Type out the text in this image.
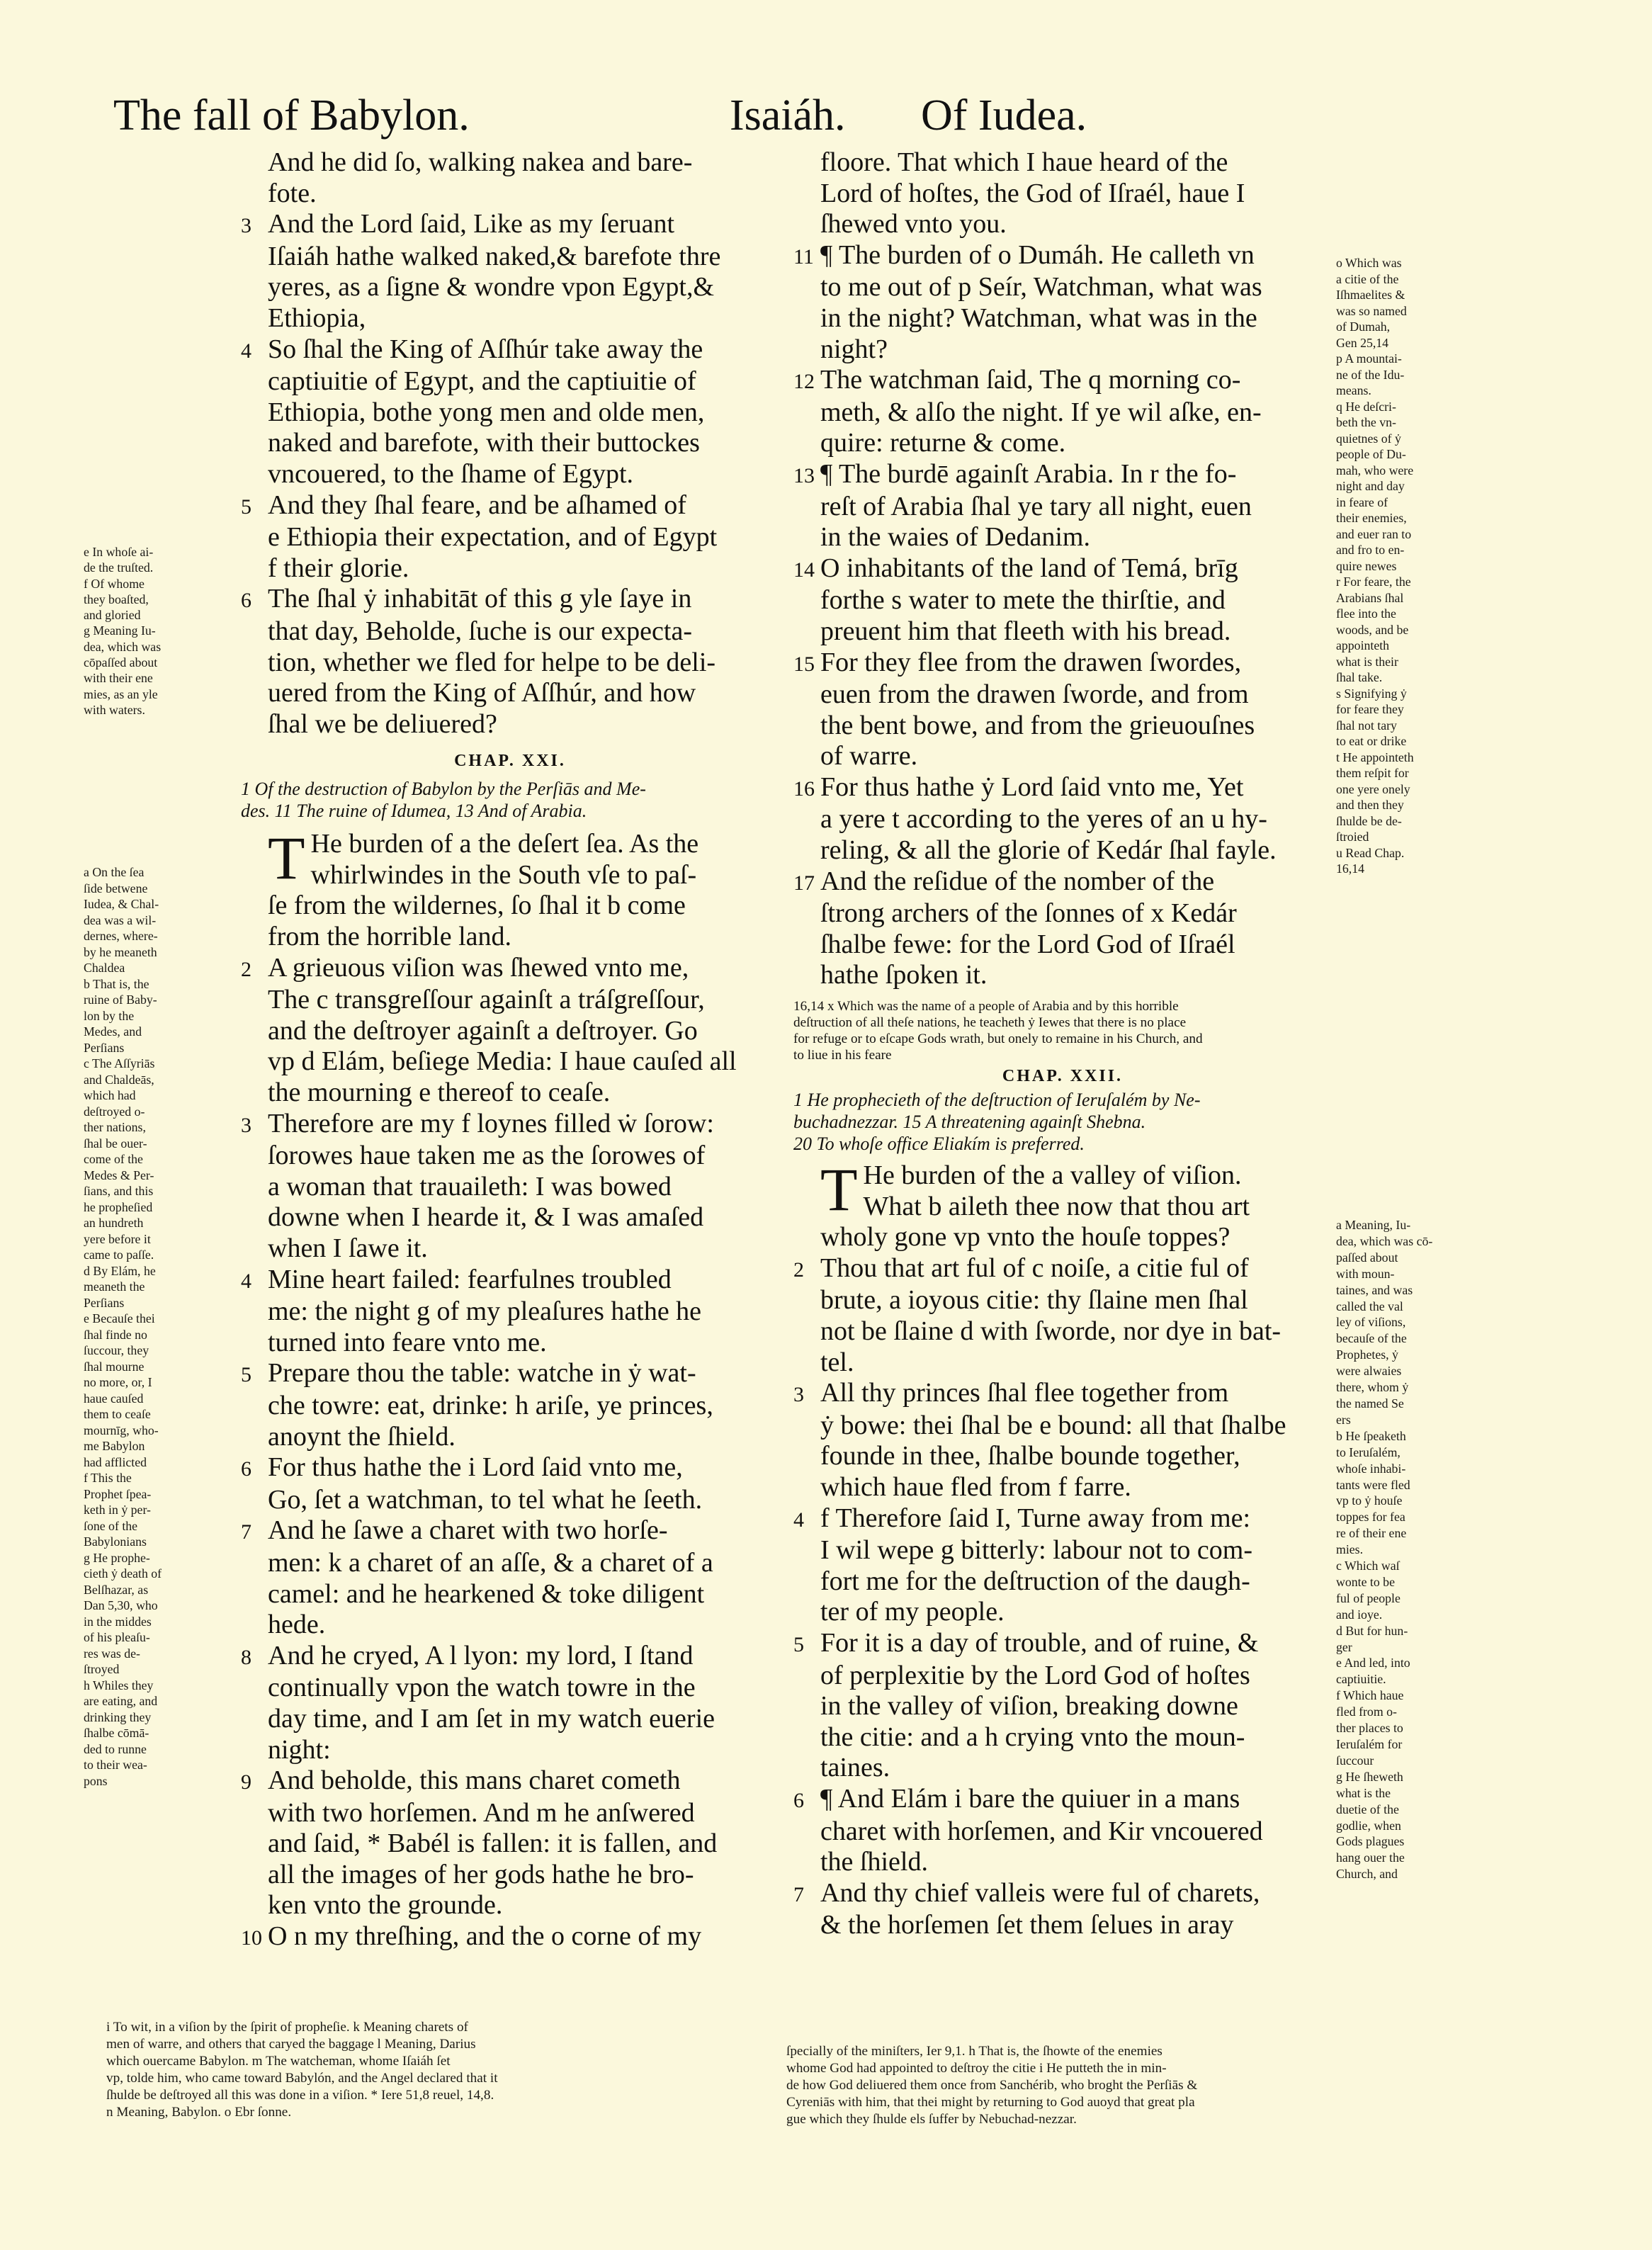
The fall of Babylon.	Isaiáh. Of Iudea.
And he did ſo, walking nakea and bare-
fote.
3 And the Lord ſaid, Like as my ſeruant
Iſaiáh hathe walked naked,& barefote thre
yeres, as a ſigne & wondre vpon Egypt,&
Ethiopia,
4 So ſhal the King of Aſſhúr take away the
captiuitie of Egypt, and the captiuitie of
Ethiopia, bothe yong men and olde men,
naked and barefote, with their buttockes
vncouered, to the ſhame of Egypt.
5 And they ſhal feare, and be aſhamed of
e Ethiopia their expectation, and of Egypt
f their glorie.
6 The ſhal ẏ inhabitāt of this g yle ſaye in
that day, Beholde, ſuche is our expecta-
tion, whether we fled for helpe to be deli-
uered from the King of Aſſhúr, and how
ſhal we be deliuered?
CHAP. XXI.
1 Of the destruction of Babylon by the Perſiās and Me-
des. 11 The ruine of Idumea, 13 And of Arabia.
T He burden of a the deſert ſea. As the
whirlwindes in the South vſe to paſ-
ſe from the wildernes, ſo ſhal it b come
from the horrible land.
2 A grieuous viſion was ſhewed vnto me,
The c transgreſſour againſt a tráſgreſſour,
and the deſtroyer againſt a deſtroyer. Go
vp d Elám, beſiege Media: I haue cauſed all
the mourning e thereof to ceaſe.
3 Therefore are my f loynes filled ẇ ſorow:
ſorowes haue taken me as the ſorowes of
a woman that trauaileth: I was bowed
downe when I hearde it, & I was amaſed
when I ſawe it.
4 Mine heart failed: fearfulnes troubled
me: the night g of my pleaſures hathe he
turned into feare vnto me.
5 Prepare thou the table: watche in ẏ wat-
che towre: eat, drinke: h ariſe, ye princes,
anoynt the ſhield.
6 For thus hathe the i Lord ſaid vnto me,
Go, ſet a watchman, to tel what he ſeeth.
7 And he ſawe a charet with two horſe-
men: k a charet of an aſſe, & a charet of a
camel: and he hearkened & toke diligent
hede.
8 And he cryed, A l lyon: my lord, I ſtand
continually vpon the watch towre in the
day time, and I am ſet in my watch euerie
night:
9 And beholde, this mans charet cometh
with two horſemen. And m he anſwered
and ſaid, * Babél is fallen: it is fallen, and
all the images of her gods hathe he bro-
ken vnto the grounde.
10 O n my threſhing, and the o corne of my
floore. That which I haue heard of the
Lord of hoſtes, the God of Iſraél, haue I
ſhewed vnto you.
11 ¶ The burden of o Dumáh. He calleth vn
to me out of p Seír, Watchman, what was
in the night? Watchman, what was in the
night?
12 The watchman ſaid, The q morning co-
meth, & alſo the night. If ye wil aſke, en-
quire: returne & come.
13 ¶ The burdē againſt Arabia. In r the fo-
reſt of Arabia ſhal ye tary all night, euen
in the waies of Dedanim.
14 O inhabitants of the land of Temá, brīg
forthe s water to mete the thirſtie, and
preuent him that fleeth with his bread.
15 For they flee from the drawen ſwordes,
euen from the drawen ſworde, and from
the bent bowe, and from the grieuouſnes
of warre.
16 For thus hathe ẏ Lord ſaid vnto me, Yet
a yere t according to the yeres of an u hy-
reling, & all the glorie of Kedár ſhal fayle.
17 And the reſidue of the nomber of the
ſtrong archers of the ſonnes of x Kedár
ſhalbe fewe: for the Lord God of Iſraél
hathe ſpoken it.
16,14 x Which was the name of a people of Arabia and by this horrible
deſtruction of all theſe nations, he teacheth ẏ Iewes that there is no place
for refuge or to eſcape Gods wrath, but onely to remaine in his Church, and
to liue in his feare
CHAP. XXII.
1 He prophecieth of the deſtruction of Ieruſalém by Ne-
buchadnezzar. 15 A threatening againſt Shebna.
20 To whoſe office Eliakím is preferred.
T He burden of the a valley of viſion.
What b aileth thee now that thou art
wholy gone vp vnto the houſe toppes?
2 Thou that art ful of c noiſe, a citie ful of
brute, a ioyous citie: thy ſlaine men ſhal
not be ſlaine d with ſworde, nor dye in bat-
tel.
3 All thy princes ſhal flee together from
ẏ bowe: thei ſhal be e bound: all that ſhalbe
founde in thee, ſhalbe bounde together,
which haue fled from f farre.
4 f Therefore ſaid I, Turne away from me:
I wil wepe g bitterly: labour not to com-
fort me for the deſtruction of the daugh-
ter of my people.
5 For it is a day of trouble, and of ruine, &
of perplexitie by the Lord God of hoſtes
in the valley of viſion, breaking downe
the citie: and a h crying vnto the moun-
taines.
6 ¶ And Elám i bare the quiuer in a mans
charet with horſemen, and Kir vncouered
the ſhield.
7 And thy chief valleis were ful of charets,
& the horſemen ſet them ſelues in aray
e In whoſe ai-
de the truſted.
f Of whome
they boaſted,
and gloried
g Meaning Iu-
dea, which was
cōpaſſed about
with their ene
mies, as an yle
with waters.
a On the ſea
ſide betwene
Iudea, & Chal-
dea was a wil-
dernes, where-
by he meaneth
Chaldea
b That is, the
ruine of Baby-
lon by the
Medes, and
Perſians
c The Aſſyriās
and Chaldeās,
which had
deſtroyed o-
ther nations,
ſhal be ouer-
come of the
Medes & Per-
ſians, and this
he propheſied
an hundreth
yere before it
came to paſſe.
d By Elám, he
meaneth the
Perſians
e Becauſe thei
ſhal finde no
ſuccour, they
ſhal mourne
no more, or, I
haue cauſed
them to ceaſe
mournīg, who-
me Babylon
had afflicted
f This the
Prophet ſpea-
keth in ẏ per-
ſone of the
Babylonians
g He prophe-
cieth ẏ death of
Belſhazar, as
Dan 5,30, who
in the middes
of his pleaſu-
res was de-
ſtroyed
h Whiles they
are eating, and
drinking they
ſhalbe cōmā-
ded to runne
to their wea-
pons
o Which was
a citie of the
Iſhmaelites &
was so named
of Dumah,
Gen 25,14
p A mountai-
ne of the Idu-
means.
q He deſcri-
beth the vn-
quietnes of ẏ
people of Du-
mah, who were
night and day
in feare of
their enemies,
and euer ran to
and fro to en-
quire newes
r For feare, the
Arabians ſhal
flee into the
woods, and be
appointeth
what is their
ſhal take.
s Signifying ẏ
for feare they
ſhal not tary
to eat or drike
t He appointeth
them reſpit for
one yere onely
and then they
ſhulde be de-
ſtroied
u Read Chap.
16,14
a Meaning, Iu-
dea, which was cō-
paſſed about
with moun-
taines, and was
called the val
ley of viſions,
becauſe of the
Prophetes, ẏ
were alwaies
there, whom ẏ
the named Se
ers
b He ſpeaketh
to Ieruſalém,
whoſe inhabi-
tants were fled
vp to ẏ houſe
toppes for fea
re of their ene
mies.
c Which waſ
wonte to be
ful of people
and ioye.
d But for hun-
ger
e And led, into
captiuitie.
f Which haue
fled from o-
ther places to
Ieruſalém for
ſuccour
g He ſheweth
what is the
duetie of the
godlie, when
Gods plagues
hang ouer the
Church, and
i To wit, in a viſion by the ſpirit of propheſie. k Meaning charets of
men of warre, and others that caryed the baggage l Meaning, Darius
which ouercame Babylon. m The watcheman, whome Iſaiáh ſet
vp, tolde him, who came toward Babylón, and the Angel declared that it
ſhulde be deſtroyed all this was done in a viſion. * Iere 51,8 reuel, 14,8.
n Meaning, Babylon. o Ebr ſonne.
ſpecially of the miniſters, Ier 9,1. h That is, the ſhowte of the enemies
whome God had appointed to deſtroy the citie i He putteth the in min-
de how God deliuered them once from Sanchérib, who broght the Perſiās &
Cyreniās with him, that thei might by returning to God auoyd that great pla
gue which they ſhulde els ſuffer by Nebuchad-nezzar.
